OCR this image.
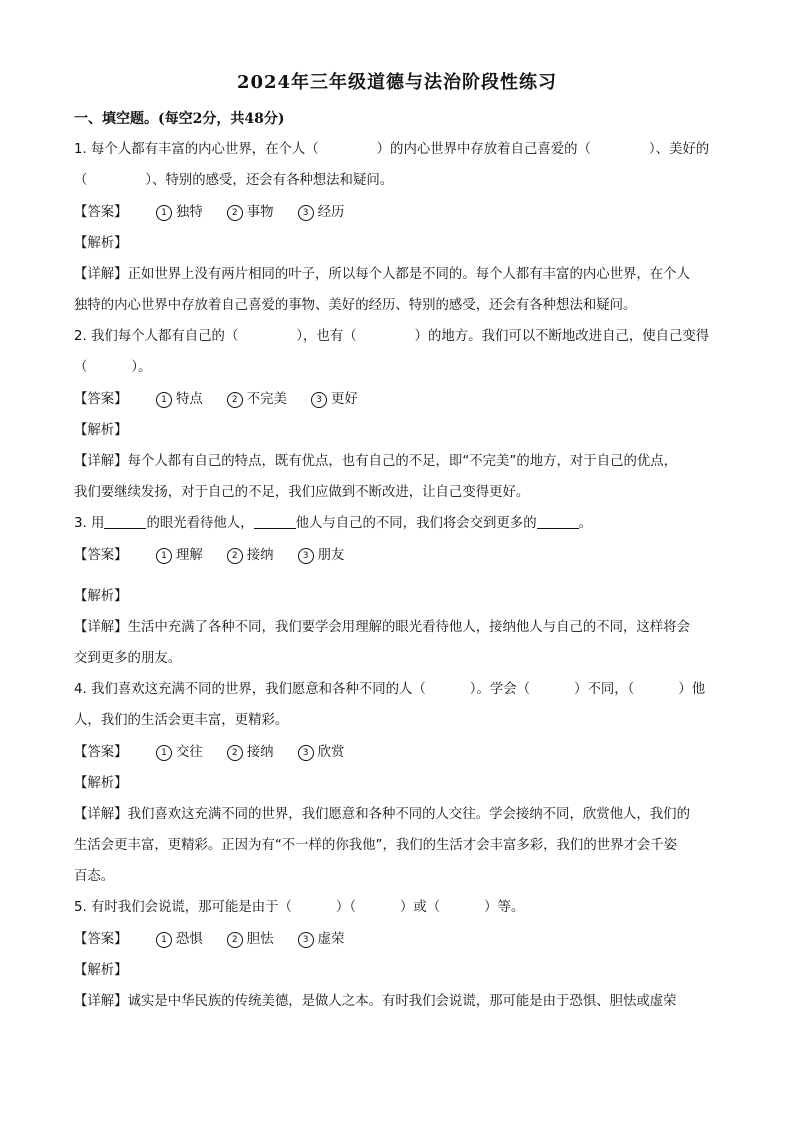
2024年三年级道德与法治阶段性练习
一、填空题。(每空2分，共48分)
1. 每个人都有丰富的内心世界，在个人（	）的内心世界中存放着自己喜爱的（	）、美好的
（	）、特别的感受，还会有各种想法和疑问。
【答案】	1 独特	2 事物	3 经历
【解析】
【详解】正如世界上没有两片相同的叶子，所以每个人都是不同的。每个人都有丰富的内心世界，在个人
独特的内心世界中存放着自己喜爱的事物、美好的经历、特别的感受，还会有各种想法和疑问。
2. 我们每个人都有自己的（	），也有（	）的地方。我们可以不断地改进自己，使自己变得
（	）。
【答案】	1 特点	2 不完美	3 更好
【解析】
【详解】每个人都有自己的特点，既有优点，也有自己的不足，即“不完美”的地方，对于自己的优点，
我们要继续发扬，对于自己的不足，我们应做到不断改进，让自己变得更好。
3. 用	的眼光看待他人，	他人与自己的不同，我们将会交到更多的	。
【答案】	1 理解	2 接纳	3 朋友
【解析】
【详解】生活中充满了各种不同，我们要学会用理解的眼光看待他人，接纳他人与自己的不同，这样将会
交到更多的朋友。
4. 我们喜欢这充满不同的世界，我们愿意和各种不同的人（	）。学会（	）不同，（	）他
人，我们的生活会更丰富，更精彩。
【答案】	1 交往	2 接纳	3 欣赏
【解析】
【详解】我们喜欢这充满不同的世界，我们愿意和各种不同的人交往。学会接纳不同，欣赏他人，我们的
生活会更丰富，更精彩。正因为有“不一样的你我他”，我们的生活才会丰富多彩，我们的世界才会千姿
百态。
5. 有时我们会说谎，那可能是由于（	）（	）或（	）等。
【答案】	1 恐惧	2 胆怯	3 虚荣
【解析】
【详解】诚实是中华民族的传统美德，是做人之本。有时我们会说谎，那可能是由于恐惧、胆怯或虚荣
